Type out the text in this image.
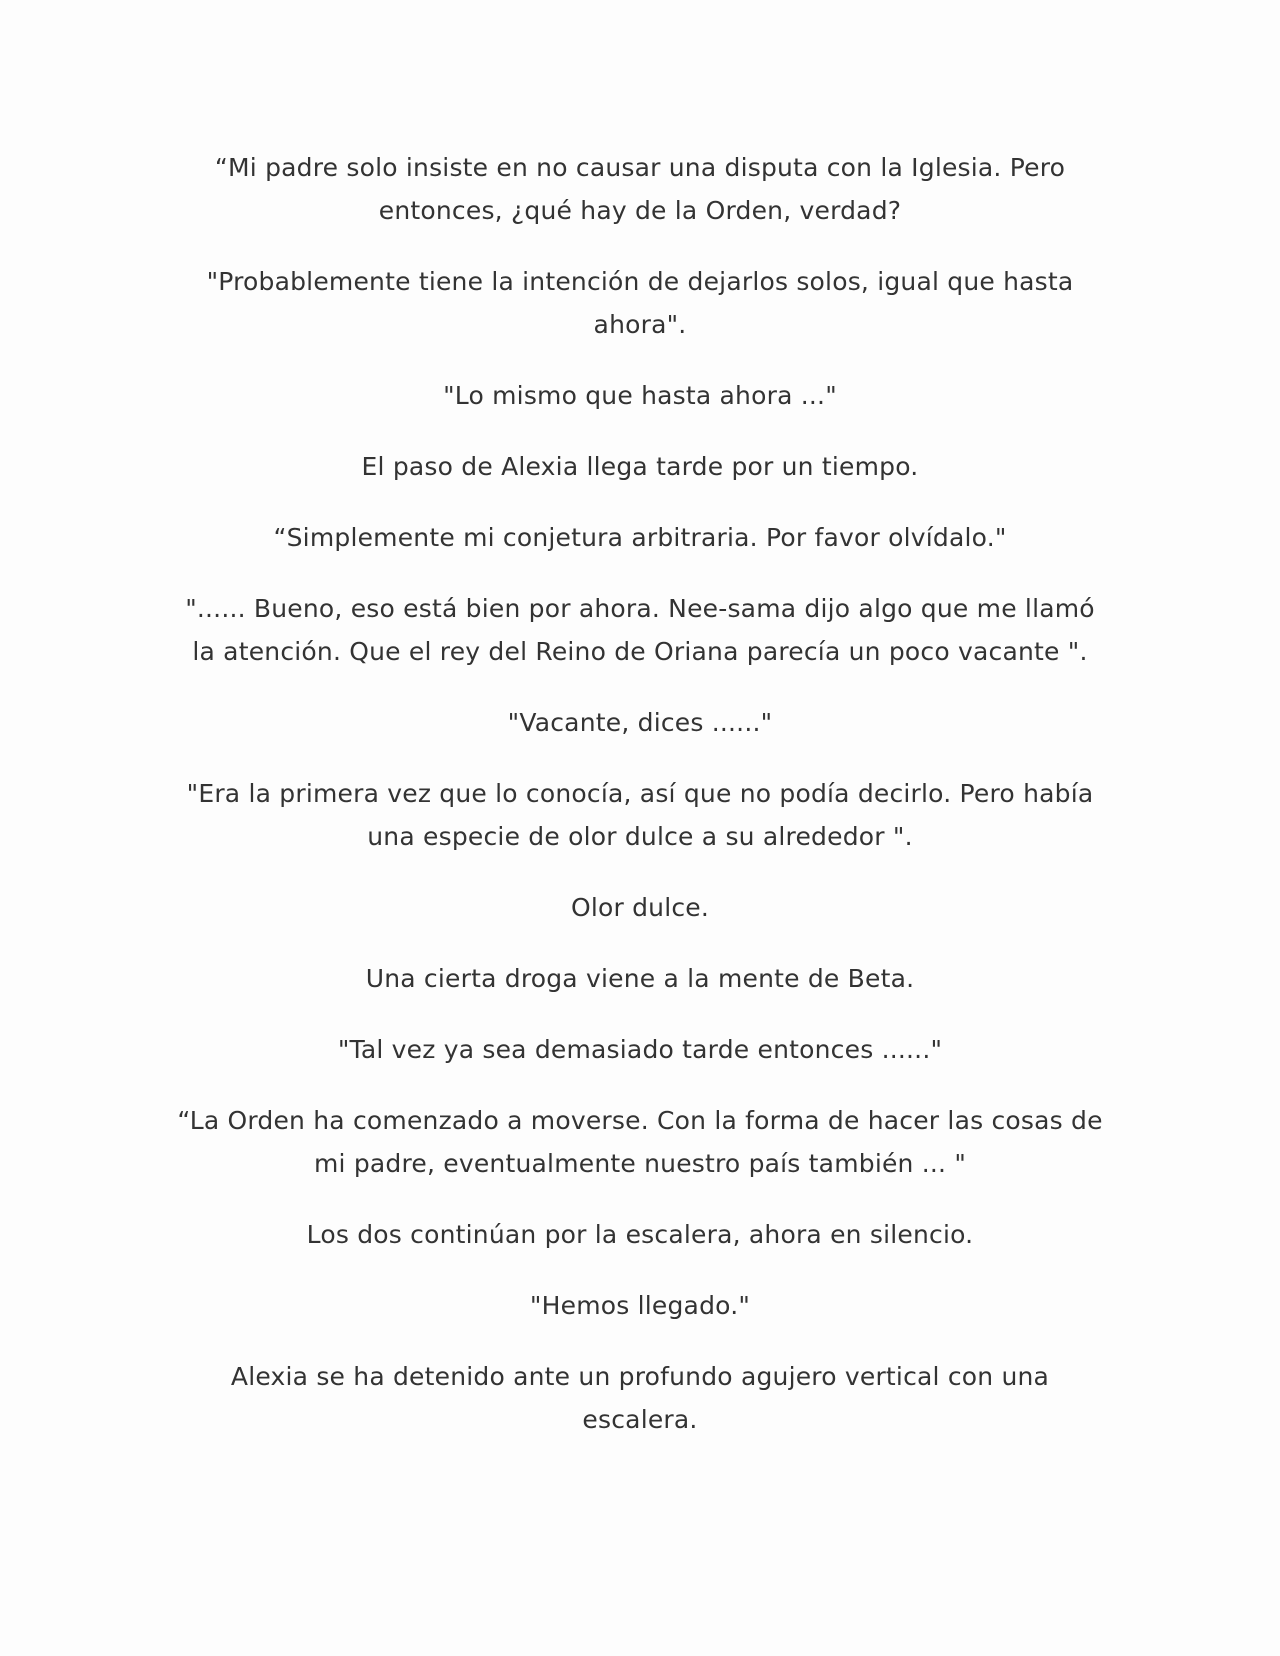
“Mi padre solo insiste en no causar una disputa con la Iglesia. Pero entonces, ¿qué hay de la Orden, verdad?

"Probablemente tiene la intención de dejarlos solos, igual que hasta ahora".

"Lo mismo que hasta ahora ..."

El paso de Alexia llega tarde por un tiempo.

“Simplemente mi conjetura arbitraria. Por favor olvídalo."

"...... Bueno, eso está bien por ahora. Nee-sama dijo algo que me llamó la atención. Que el rey del Reino de Oriana parecía un poco vacante ".

"Vacante, dices ......"

"Era la primera vez que lo conocía, así que no podía decirlo. Pero había una especie de olor dulce a su alrededor ".

Olor dulce.

Una cierta droga viene a la mente de Beta.

"Tal vez ya sea demasiado tarde entonces ......"

“La Orden ha comenzado a moverse. Con la forma de hacer las cosas de mi padre, eventualmente nuestro país también ... "

Los dos continúan por la escalera, ahora en silencio.

"Hemos llegado."

Alexia se ha detenido ante un profundo agujero vertical con una escalera.
